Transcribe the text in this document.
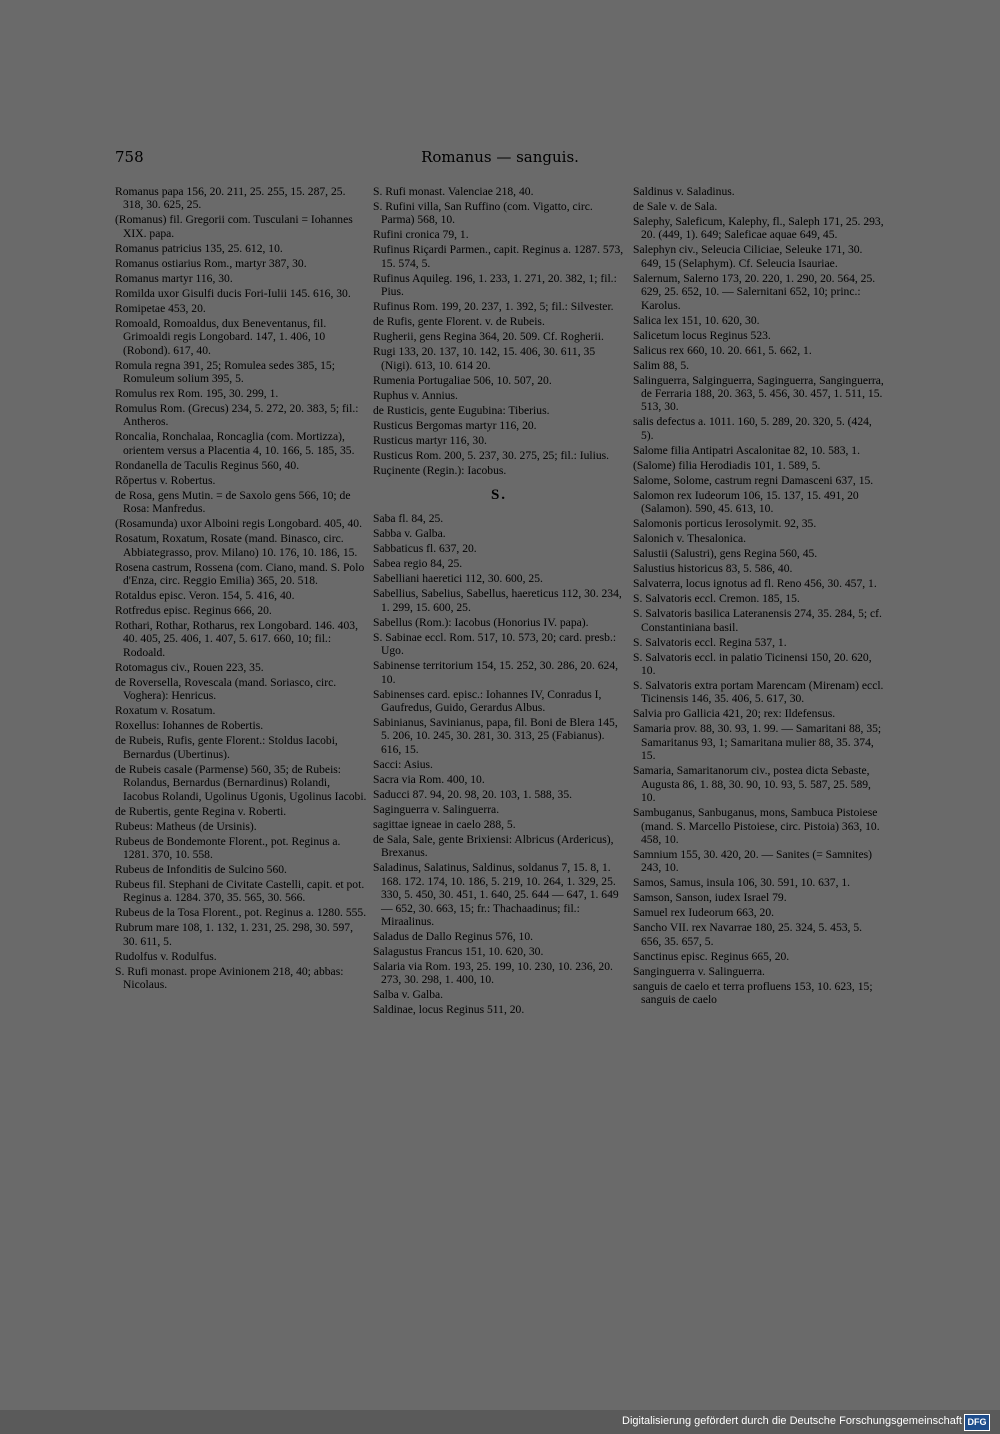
758	Romanus — sanguis.
Romanus papa 156, 20. 211, 25. 255, 15. 287, 25. 318, 30. 625, 25.
(Romanus) fil. Gregorii com. Tusculani = Iohannes XIX. papa.
Romanus patricius 135, 25. 612, 10.
Romanus ostiarius Rom., martyr 387, 30.
Romanus martyr 116, 30.
Romilda uxor Gisulfi ducis Fori-Iulii 145. 616, 30.
Romipetae 453, 20.
Romoald, Romoaldus, dux Beneventanus, fil. Grimoaldi regis Longobard. 147, 1. 406, 10 (Robond). 617, 40.
Romula regna 391, 25; Romulea sedes 385, 15; Romuleum solium 395, 5.
Romulus rex Rom. 195, 30. 299, 1.
Romulus Rom. (Grecus) 234, 5. 272, 20. 383, 5; fil.: Antheros.
Roncalia, Ronchalaa, Roncaglia (com. Mortizza), orientem versus a Placentia 4, 10. 166, 5. 185, 35.
Rondanella de Taculis Reginus 560, 40.
Rŏpertus v. Robertus.
de Rosa, gens Mutin. = de Saxolo gens 566, 10; de Rosa: Manfredus.
(Rosamunda) uxor Alboini regis Longobard. 405, 40.
Rosatum, Roxatum, Rosate (mand. Binasco, circ. Abbiategrasso, prov. Milano) 10. 176, 10. 186, 15.
Rosena castrum, Rossena (com. Ciano, mand. S. Polo d'Enza, circ. Reggio Emilia) 365, 20. 518.
Rotaldus episc. Veron. 154, 5. 416, 40.
Rotfredus episc. Reginus 666, 20.
Rothari, Rothar, Rotharus, rex Longobard. 146. 403, 40. 405, 25. 406, 1. 407, 5. 617. 660, 10; fil.: Rodoald.
Rotomagus civ., Rouen 223, 35.
de Roversella, Rovescala (mand. Soriasco, circ. Voghera): Henricus.
Roxatum v. Rosatum.
Roxellus: Iohannes de Robertis.
de Rubeis, Rufis, gente Florent.: Stoldus Iacobi, Bernardus (Ubertinus).
de Rubeis casale (Parmense) 560, 35; de Rubeis: Rolandus, Bernardus (Bernardinus) Rolandi, Iacobus Rolandi, Ugolinus Ugonis, Ugolinus Iacobi.
de Rubertis, gente Regina v. Roberti.
Rubeus: Matheus (de Ursinis).
Rubeus de Bondemonte Florent., pot. Reginus a. 1281. 370, 10. 558.
Rubeus de Infonditis de Sulcino 560.
Rubeus fil. Stephani de Civitate Castelli, capit. et pot. Reginus a. 1284. 370, 35. 565, 30. 566.
Rubeus de la Tosa Florent., pot. Reginus a. 1280. 555.
Rubrum mare 108, 1. 132, 1. 231, 25. 298, 30. 597, 30. 611, 5.
Rudolfus v. Rodulfus.
S. Rufi monast. prope Avinionem 218, 40; abbas: Nicolaus.
S. Rufi monast. Valenciae 218, 40.
S. Rufini villa, San Ruffino (com. Vigatto, circ. Parma) 568, 10.
Rufini cronica 79, 1.
Rufinus Riçardi Parmen., capit. Reginus a. 1287. 573, 15. 574, 5.
Rufinus Aquileg. 196, 1. 233, 1. 271, 20. 382, 1; fil.: Pius.
Rufinus Rom. 199, 20. 237, 1. 392, 5; fil.: Silvester.
de Rufis, gente Florent. v. de Rubeis.
Rugherii, gens Regina 364, 20. 509. Cf. Rogherii.
Rugi 133, 20. 137, 10. 142, 15. 406, 30. 611, 35 (Nigi). 613, 10. 614 20.
Rumenia Portugaliae 506, 10. 507, 20.
Ruphus v. Annius.
de Rusticis, gente Eugubina: Tiberius.
Rusticus Bergomas martyr 116, 20.
Rusticus martyr 116, 30.
Rusticus Rom. 200, 5. 237, 30. 275, 25; fil.: Iulius.
Ruçinente (Regin.): Iacobus.
S.
Saba fl. 84, 25.
Sabba v. Galba.
Sabbaticus fl. 637, 20.
Sabea regio 84, 25.
Sabelliani haeretici 112, 30. 600, 25.
Sabellius, Sabelius, Sabellus, haereticus 112, 30. 234, 1. 299, 15. 600, 25.
Sabellus (Rom.): Iacobus (Honorius IV. papa).
S. Sabinae eccl. Rom. 517, 10. 573, 20; card. presb.: Ugo.
Sabinense territorium 154, 15. 252, 30. 286, 20. 624, 10.
Sabinenses card. episc.: Iohannes IV, Conradus I, Gaufredus, Guido, Gerardus Albus.
Sabinianus, Savinianus, papa, fil. Boni de Blera 145, 5. 206, 10. 245, 30. 281, 30. 313, 25 (Fabianus). 616, 15.
Sacci: Asius.
Sacra via Rom. 400, 10.
Saducci 87. 94, 20. 98, 20. 103, 1. 588, 35.
Saginguerra v. Salinguerra.
sagittae igneae in caelo 288, 5.
de Sala, Sale, gente Brixiensi: Albricus (Ardericus), Brexanus.
Saladinus, Salatinus, Saldinus, soldanus 7, 15. 8, 1. 168. 172. 174, 10. 186, 5. 219, 10. 264, 1. 329, 25. 330, 5. 450, 30. 451, 1. 640, 25. 644 — 647, 1. 649 — 652, 30. 663, 15; fr.: Thachaadinus; fil.: Miraalinus.
Saladus de Dallo Reginus 576, 10.
Salagustus Francus 151, 10. 620, 30.
Salaria via Rom. 193, 25. 199, 10. 230, 10. 236, 20. 273, 30. 298, 1. 400, 10.
Salba v. Galba.
Saldinae, locus Reginus 511, 20.
Saldinus v. Saladinus.
de Sale v. de Sala.
Salephy, Saleficum, Kalephy, fl., Saleph 171, 25. 293, 20. (449, 1). 649; Saleficae aquae 649, 45.
Salephyn civ., Seleucia Ciliciae, Seleuke 171, 30. 649, 15 (Selaphym). Cf. Seleucia Isauriae.
Salernum, Salerno 173, 20. 220, 1. 290, 20. 564, 25. 629, 25. 652, 10. — Salernitani 652, 10; princ.: Karolus.
Salica lex 151, 10. 620, 30.
Salicetum locus Reginus 523.
Salicus rex 660, 10. 20. 661, 5. 662, 1.
Salim 88, 5.
Salinguerra, Salginguerra, Saginguerra, Sanginguerra, de Ferraria 188, 20. 363, 5. 456, 30. 457, 1. 511, 15. 513, 30.
salis defectus a. 1011. 160, 5. 289, 20. 320, 5. (424, 5).
Salome filia Antipatri Ascalonitae 82, 10. 583, 1.
(Salome) filia Herodiadis 101, 1. 589, 5.
Salome, Solome, castrum regni Damasceni 637, 15.
Salomon rex Iudeorum 106, 15. 137, 15. 491, 20 (Salamon). 590, 45. 613, 10.
Salomonis porticus Ierosolymit. 92, 35.
Salonich v. Thesalonica.
Salustii (Salustri), gens Regina 560, 45.
Salustius historicus 83, 5. 586, 40.
Salvaterra, locus ignotus ad fl. Reno 456, 30. 457, 1.
S. Salvatoris eccl. Cremon. 185, 15.
S. Salvatoris basilica Lateranensis 274, 35. 284, 5; cf. Constantiniana basil.
S. Salvatoris eccl. Regina 537, 1.
S. Salvatoris eccl. in palatio Ticinensi 150, 20. 620, 10.
S. Salvatoris extra portam Marencam (Mirenam) eccl. Ticinensis 146, 35. 406, 5. 617, 30.
Salvia pro Gallicia 421, 20; rex: Ildefensus.
Samaria prov. 88, 30. 93, 1. 99. — Samaritani 88, 35; Samaritanus 93, 1; Samaritana mulier 88, 35. 374, 15.
Samaria, Samaritanorum civ., postea dicta Sebaste, Augusta 86, 1. 88, 30. 90, 10. 93, 5. 587, 25. 589, 10.
Sambuganus, Sanbuganus, mons, Sambuca Pistoiese (mand. S. Marcello Pistoiese, circ. Pistoia) 363, 10. 458, 10.
Samnium 155, 30. 420, 20. — Sanites (= Samnites) 243, 10.
Samos, Samus, insula 106, 30. 591, 10. 637, 1.
Samson, Sanson, iudex Israel 79.
Samuel rex Iudeorum 663, 20.
Sancho VII. rex Navarrae 180, 25. 324, 5. 453, 5. 656, 35. 657, 5.
Sanctinus episc. Reginus 665, 20.
Sanginguerra v. Salinguerra.
sanguis de caelo et terra profluens 153, 10. 623, 15; sanguis de caelo
Digitalisierung gefördert durch die Deutsche Forschungsgemeinschaft DFG
